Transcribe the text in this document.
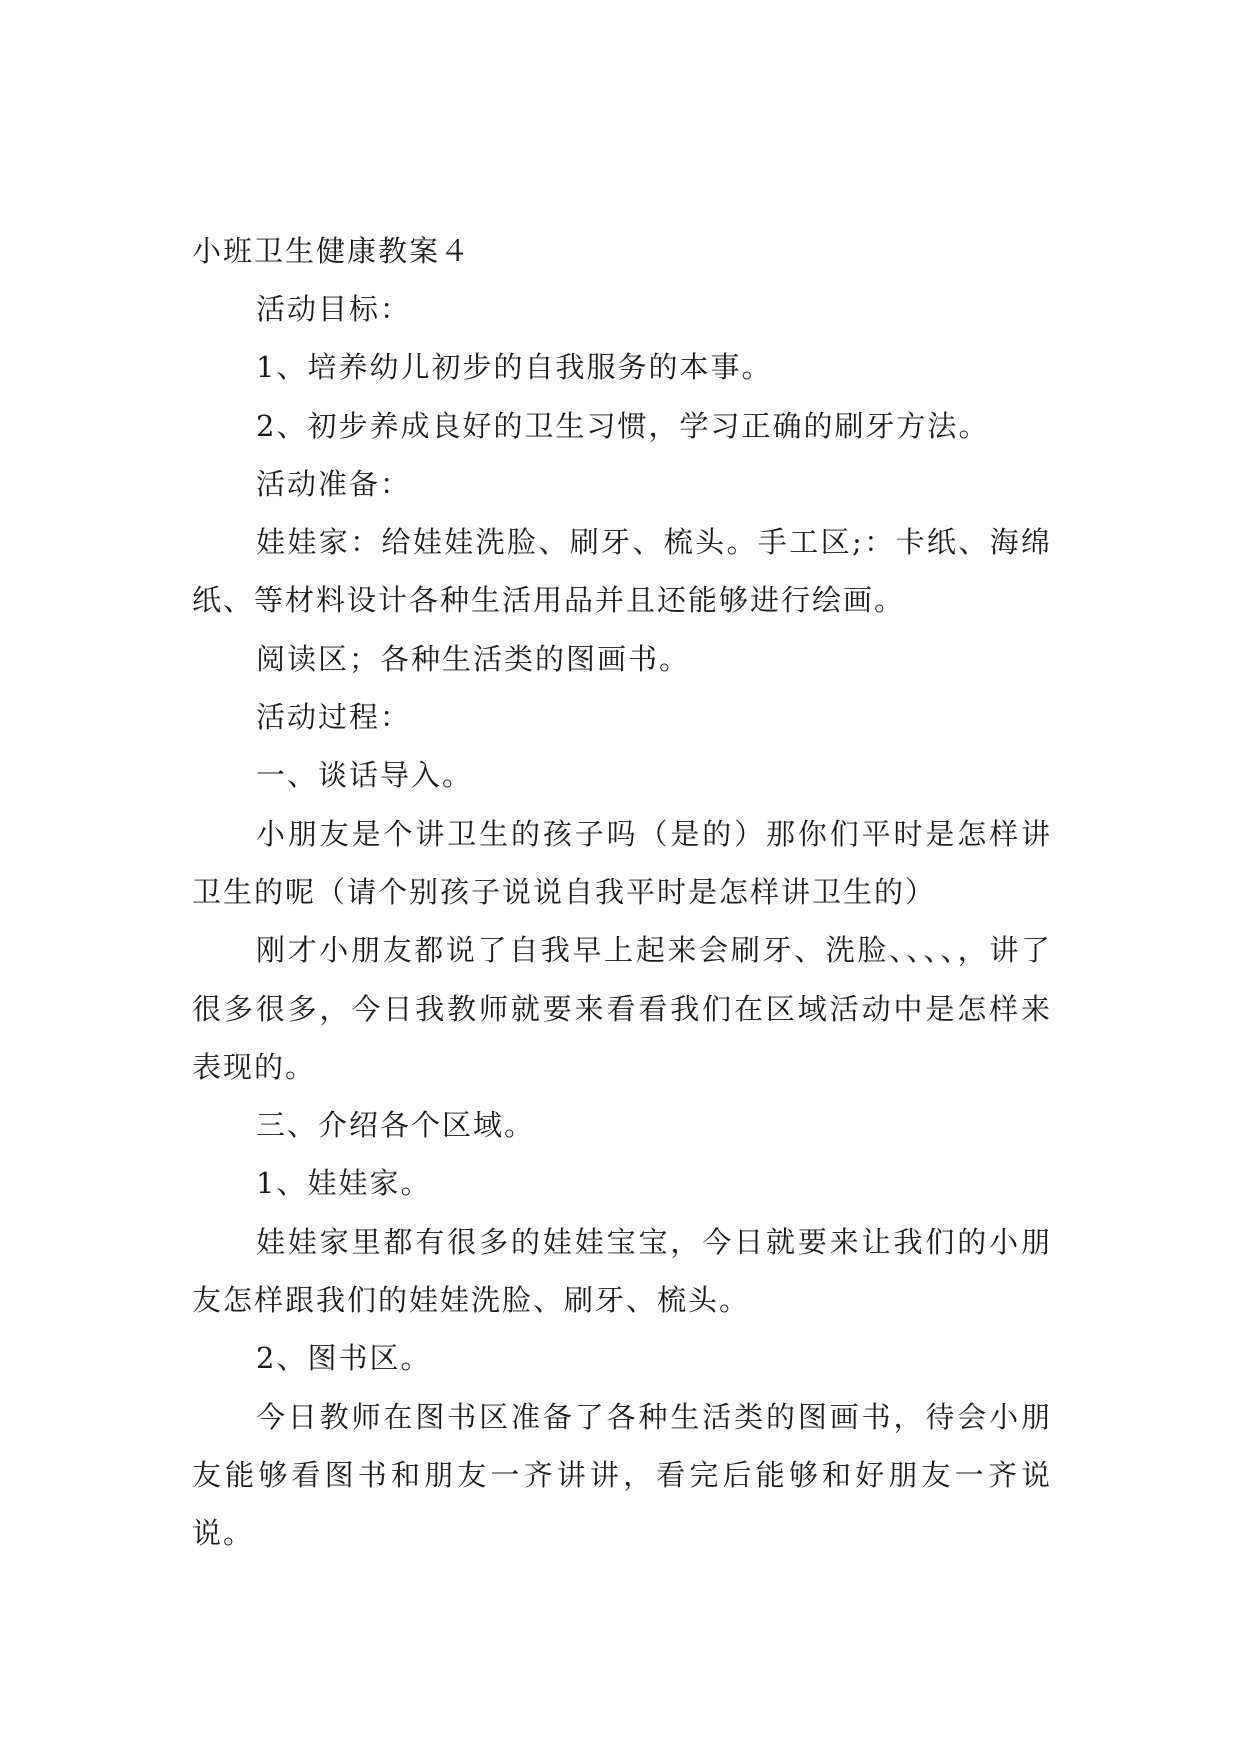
小班卫生健康教案４

活动目标：

1、培养幼儿初步的自我服务的本事。

2、初步养成良好的卫生习惯，学习正确的刷牙方法。

活动准备：

娃娃家：给娃娃洗脸、刷牙、梳头。手工区;：卡纸、海绵纸、等材料设计各种生活用品并且还能够进行绘画。

阅读区；各种生活类的图画书。

活动过程：

一、谈话导入。

小朋友是个讲卫生的孩子吗（是的）那你们平时是怎样讲卫生的呢（请个别孩子说说自我平时是怎样讲卫生的）

刚才小朋友都说了自我早上起来会刷牙、洗脸、、、、，讲了很多很多，今日我教师就要来看看我们在区域活动中是怎样来表现的。

三、介绍各个区域。

1、娃娃家。

娃娃家里都有很多的娃娃宝宝，今日就要来让我们的小朋友怎样跟我们的娃娃洗脸、刷牙、梳头。

2、图书区。

今日教师在图书区准备了各种生活类的图画书，待会小朋友能够看图书和朋友一齐讲讲，看完后能够和好朋友一齐说说。
